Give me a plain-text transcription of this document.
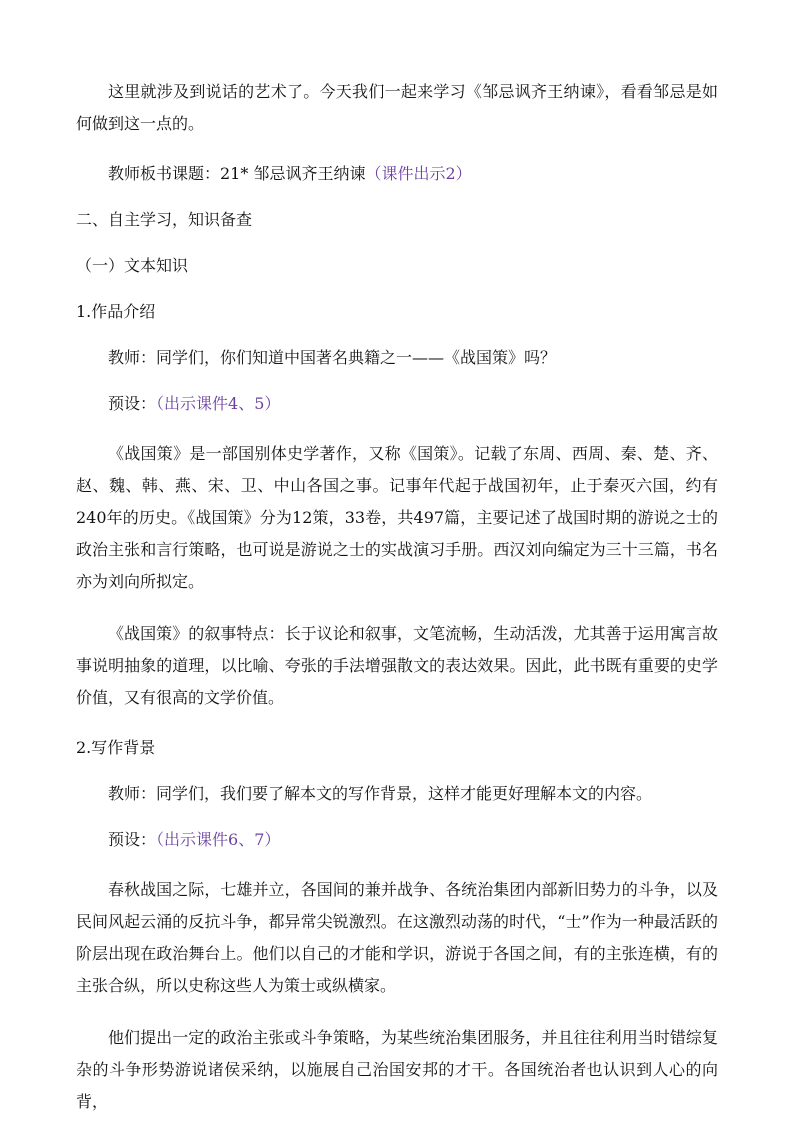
这里就涉及到说话的艺术了。今天我们一起来学习《邹忌讽齐王纳谏》，看看邹忌是如何做到这一点的。

教师板书课题：21* 邹忌讽齐王纳谏（课件出示2）

二、自主学习，知识备查

（一）文本知识

1.作品介绍

教师：同学们，你们知道中国著名典籍之一——《战国策》吗？

预设：（出示课件4、5）

《战国策》是一部国别体史学著作，又称《国策》。记载了东周、西周、秦、楚、齐、赵、魏、韩、燕、宋、卫、中山各国之事。记事年代起于战国初年，止于秦灭六国，约有240年的历史。《战国策》分为12策，33卷，共497篇，主要记述了战国时期的游说之士的政治主张和言行策略，也可说是游说之士的实战演习手册。西汉刘向编定为三十三篇，书名亦为刘向所拟定。

《战国策》的叙事特点：长于议论和叙事，文笔流畅，生动活泼，尤其善于运用寓言故事说明抽象的道理，以比喻、夸张的手法增强散文的表达效果。因此，此书既有重要的史学价值，又有很高的文学价值。

2.写作背景

教师：同学们，我们要了解本文的写作背景，这样才能更好理解本文的内容。

预设：（出示课件6、7）

春秋战国之际，七雄并立，各国间的兼并战争、各统治集团内部新旧势力的斗争，以及民间风起云涌的反抗斗争，都异常尖锐激烈。在这激烈动荡的时代，“士”作为一种最活跃的阶层出现在政治舞台上。他们以自己的才能和学识，游说于各国之间，有的主张连横，有的主张合纵，所以史称这些人为策士或纵横家。

他们提出一定的政治主张或斗争策略，为某些统治集团服务，并且往往利用当时错综复杂的斗争形势游说诸侯采纳，以施展自己治国安邦的才干。各国统治者也认识到人心的向背，
